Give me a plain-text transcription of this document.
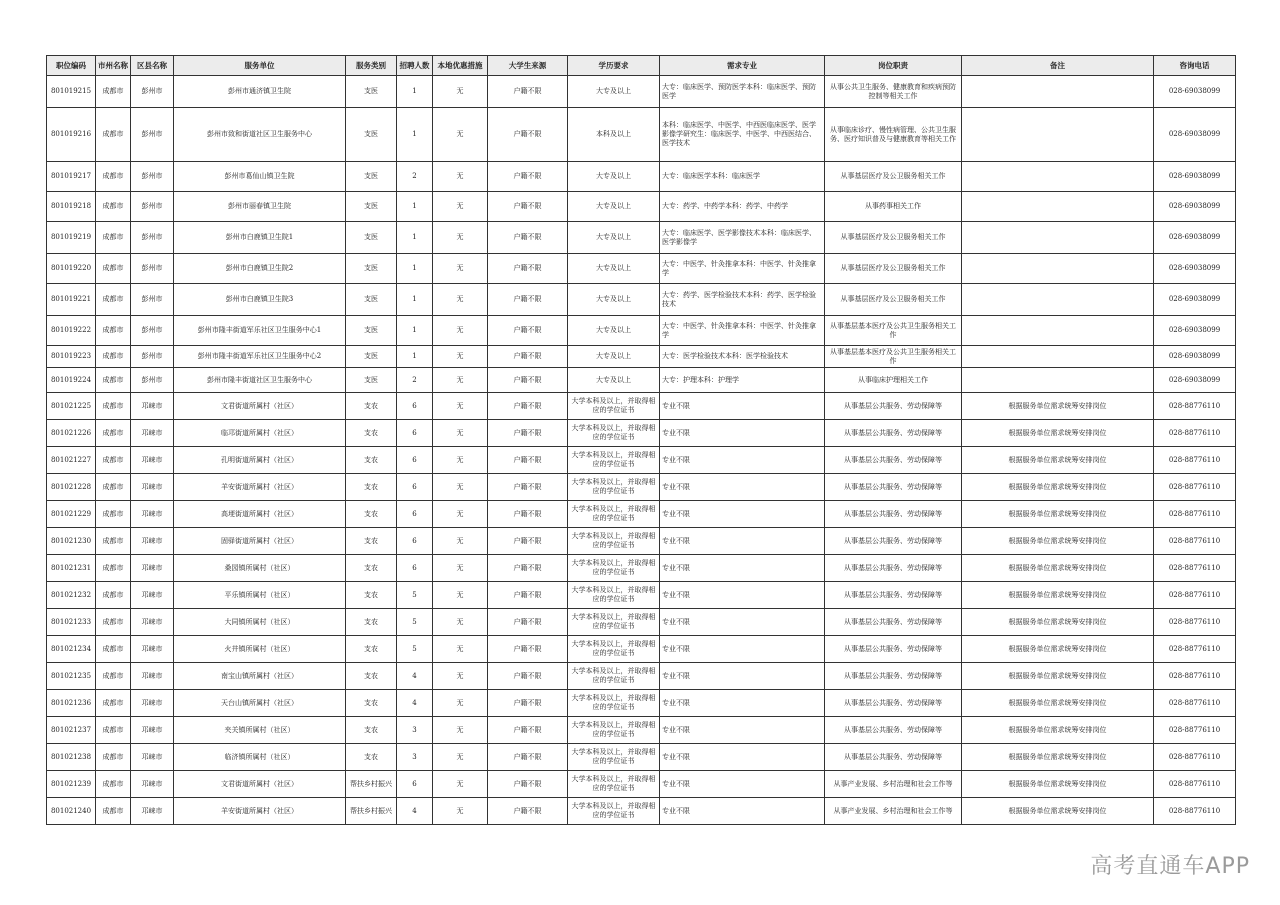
职位编码	市州名称	区县名称	服务单位	服务类别	招聘人数	本地优惠措施	大学生来源	学历要求	需求专业	岗位职责	备注	咨询电话
801019215	成都市	彭州市	彭州市通济镇卫生院	支医	1	无	户籍不限	大专及以上	大专：临床医学、预防医学本科：临床医学、预防医学	从事公共卫生服务、健康教育和疾病预防控制等相关工作		028-69038099
801019216	成都市	彭州市	彭州市致和街道社区卫生服务中心	支医	1	无	户籍不限	本科及以上	本科：临床医学、中医学、中西医临床医学、医学影像学研究生：临床医学、中医学、中西医结合、医学技术	从事临床诊疗、慢性病管理、公共卫生服务、医疗知识普及与健康教育等相关工作		028-69038099
801019217	成都市	彭州市	彭州市葛仙山镇卫生院	支医	2	无	户籍不限	大专及以上	大专：临床医学本科：临床医学	从事基层医疗及公卫服务相关工作		028-69038099
801019218	成都市	彭州市	彭州市丽春镇卫生院	支医	1	无	户籍不限	大专及以上	大专：药学、中药学本科：药学、中药学	从事药事相关工作		028-69038099
801019219	成都市	彭州市	彭州市白鹿镇卫生院1	支医	1	无	户籍不限	大专及以上	大专：临床医学、医学影像技术本科：临床医学、医学影像学	从事基层医疗及公卫服务相关工作		028-69038099
801019220	成都市	彭州市	彭州市白鹿镇卫生院2	支医	1	无	户籍不限	大专及以上	大专：中医学、针灸推拿本科：中医学、针灸推拿学	从事基层医疗及公卫服务相关工作		028-69038099
801019221	成都市	彭州市	彭州市白鹿镇卫生院3	支医	1	无	户籍不限	大专及以上	大专：药学、医学检验技术本科：药学、医学检验技术	从事基层医疗及公卫服务相关工作		028-69038099
801019222	成都市	彭州市	彭州市隆丰街道军乐社区卫生服务中心1	支医	1	无	户籍不限	大专及以上	大专：中医学、针灸推拿本科：中医学、针灸推拿学	从事基层基本医疗及公共卫生服务相关工作		028-69038099
801019223	成都市	彭州市	彭州市隆丰街道军乐社区卫生服务中心2	支医	1	无	户籍不限	大专及以上	大专：医学检验技术本科：医学检验技术	从事基层基本医疗及公共卫生服务相关工作		028-69038099
801019224	成都市	彭州市	彭州市隆丰街道社区卫生服务中心	支医	2	无	户籍不限	大专及以上	大专：护理本科：护理学	从事临床护理相关工作		028-69038099
801021225	成都市	邛崃市	文君街道所属村（社区）	支农	6	无	户籍不限	大学本科及以上，并取得相应的学位证书	专业不限	从事基层公共服务、劳动保障等	根据服务单位需求统筹安排岗位	028-88776110
801021226	成都市	邛崃市	临邛街道所属村（社区）	支农	6	无	户籍不限	大学本科及以上，并取得相应的学位证书	专业不限	从事基层公共服务、劳动保障等	根据服务单位需求统筹安排岗位	028-88776110
801021227	成都市	邛崃市	孔明街道所属村（社区）	支农	6	无	户籍不限	大学本科及以上，并取得相应的学位证书	专业不限	从事基层公共服务、劳动保障等	根据服务单位需求统筹安排岗位	028-88776110
801021228	成都市	邛崃市	羊安街道所属村（社区）	支农	6	无	户籍不限	大学本科及以上，并取得相应的学位证书	专业不限	从事基层公共服务、劳动保障等	根据服务单位需求统筹安排岗位	028-88776110
801021229	成都市	邛崃市	高埂街道所属村（社区）	支农	6	无	户籍不限	大学本科及以上，并取得相应的学位证书	专业不限	从事基层公共服务、劳动保障等	根据服务单位需求统筹安排岗位	028-88776110
801021230	成都市	邛崃市	固驿街道所属村（社区）	支农	6	无	户籍不限	大学本科及以上，并取得相应的学位证书	专业不限	从事基层公共服务、劳动保障等	根据服务单位需求统筹安排岗位	028-88776110
801021231	成都市	邛崃市	桑园镇所属村（社区）	支农	6	无	户籍不限	大学本科及以上，并取得相应的学位证书	专业不限	从事基层公共服务、劳动保障等	根据服务单位需求统筹安排岗位	028-88776110
801021232	成都市	邛崃市	平乐镇所属村（社区）	支农	5	无	户籍不限	大学本科及以上，并取得相应的学位证书	专业不限	从事基层公共服务、劳动保障等	根据服务单位需求统筹安排岗位	028-88776110
801021233	成都市	邛崃市	大同镇所属村（社区）	支农	5	无	户籍不限	大学本科及以上，并取得相应的学位证书	专业不限	从事基层公共服务、劳动保障等	根据服务单位需求统筹安排岗位	028-88776110
801021234	成都市	邛崃市	火井镇所属村（社区）	支农	5	无	户籍不限	大学本科及以上，并取得相应的学位证书	专业不限	从事基层公共服务、劳动保障等	根据服务单位需求统筹安排岗位	028-88776110
801021235	成都市	邛崃市	南宝山镇所属村（社区）	支农	4	无	户籍不限	大学本科及以上，并取得相应的学位证书	专业不限	从事基层公共服务、劳动保障等	根据服务单位需求统筹安排岗位	028-88776110
801021236	成都市	邛崃市	天台山镇所属村（社区）	支农	4	无	户籍不限	大学本科及以上，并取得相应的学位证书	专业不限	从事基层公共服务、劳动保障等	根据服务单位需求统筹安排岗位	028-88776110
801021237	成都市	邛崃市	夹关镇所属村（社区）	支农	3	无	户籍不限	大学本科及以上，并取得相应的学位证书	专业不限	从事基层公共服务、劳动保障等	根据服务单位需求统筹安排岗位	028-88776110
801021238	成都市	邛崃市	临济镇所属村（社区）	支农	3	无	户籍不限	大学本科及以上，并取得相应的学位证书	专业不限	从事基层公共服务、劳动保障等	根据服务单位需求统筹安排岗位	028-88776110
801021239	成都市	邛崃市	文君街道所属村（社区）	帮扶乡村振兴	6	无	户籍不限	大学本科及以上，并取得相应的学位证书	专业不限	从事产业发展、乡村治理和社会工作等	根据服务单位需求统筹安排岗位	028-88776110
801021240	成都市	邛崃市	羊安街道所属村（社区）	帮扶乡村振兴	4	无	户籍不限	大学本科及以上，并取得相应的学位证书	专业不限	从事产业发展、乡村治理和社会工作等	根据服务单位需求统筹安排岗位	028-88776110
高考直通车APP
